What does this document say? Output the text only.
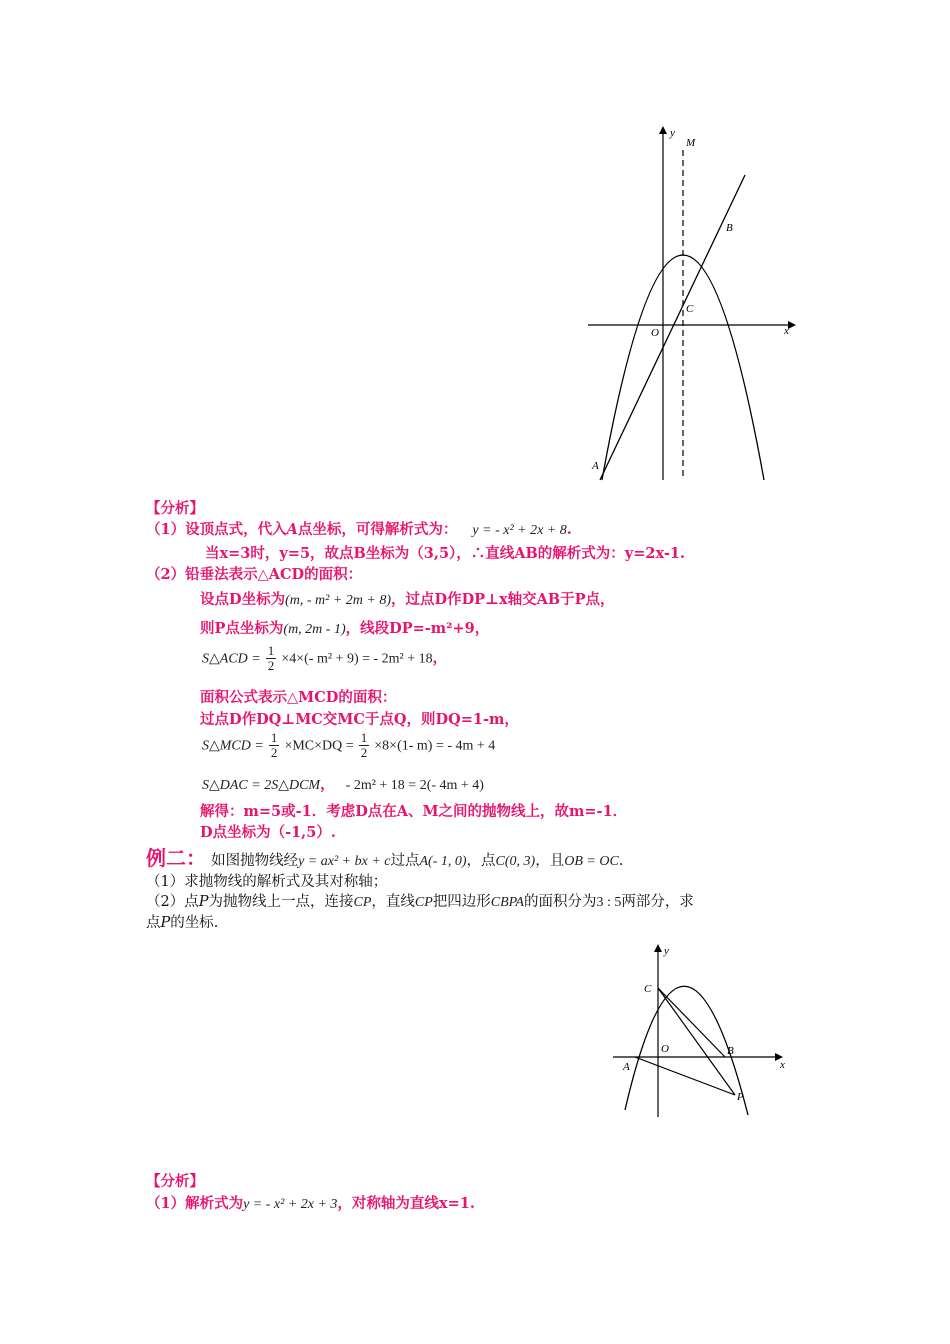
y
M
B
C
O	x
A
【分析】
（1）设顶点式，代入A点坐标，可得解析式为： y = - x² + 2x + 8.
当x=3时，y=5，故点B坐标为（3,5），∴直线AB的解析式为：y=2x-1.
（2）铅垂法表示△ACD的面积：
设点D坐标为(m, - m² + 2m + 8)，过点D作DP⊥x轴交AB于P点，
则P点坐标为(m, 2m - 1)，线段DP=-m²+9，
S△ACD = $\frac{1}{2} \times 4\times(-$ m² + 9) = - 2m² + 18，
面积公式表示△MCD的面积：
过点D作DQ⊥MC交MC于点Q，则DQ=1-m，
S△MCD = $\frac{1}{2} \times MC\times DQ = \frac{1}{2} \times 8\times(1-$ m) = - 4m + 4
S△DAC = 2S△DCM， - 2m² + 18 = 2(- 4m + 4)
解得：m=5或-1．考虑D点在A、M之间的抛物线上，故m=-1．
D点坐标为（-1,5）.
例二： 如图抛物线经y = ax² + bx + c过点A(- 1, 0)，点C(0, 3)，且OB = OC.
（1）求抛物线的解析式及其对称轴；
（2）点P为抛物线上一点，连接CP，直线CP把四边形CBPA的面积分为3 : 5两部分，求
点P的坐标.
y
C
O	B
x
A
P
【分析】
（1）解析式为y = - x² + 2x + 3，对称轴为直线x=1.
